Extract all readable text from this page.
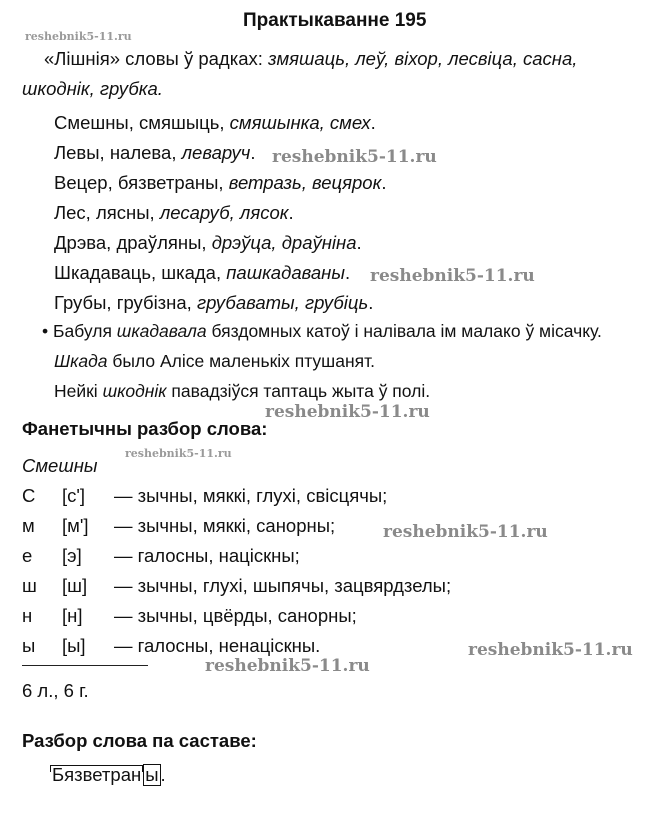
Практыкаванне 195
reshebnik5-11.ru
«Лішнія» словы ў радках: змяшаць, леў, віхор, лесвіца, сасна,
шкоднік, грубка.
Смешны, смяшыць, смяшынка, смех.
Левы, налева, леваруч.
Вецер, бязветраны, ветразь, вецярок.
Лес, лясны, лесаруб, лясок.
Дрэва, драўляны, дрэўца, драўніна.
Шкадаваць, шкада, пашкадаваны.
Грубы, грубізна, грубаваты, грубіць.
reshebnik5-11.ru
reshebnik5-11.ru
• Бабуля шкадавала бяздомных катоў і налівала ім малако ў місачку.
Шкада было Алісе маленькіх птушанят.
Нейкі шкоднік павадзіўся таптаць жыта ў полі.
reshebnik5-11.ru
Фанетычны разбор слова:
reshebnik5-11.ru
Смешны
С [с'] — зычны, мяккі, глухі, свісцячы;
м [м'] — зычны, мяккі, санорны;
е [э] — галосны, націскны;
ш [ш] — зычны, глухі, шыпячы, зацвярдзелы;
н [н] — зычны, цвёрды, санорны;
ы [ы] — галосны, ненацiскны.
reshebnik5-11.ru
reshebnik5-11.ru
reshebnik5-11.ru
6 л., 6 г.
Разбор слова па саставе:
Бязветран ы .
